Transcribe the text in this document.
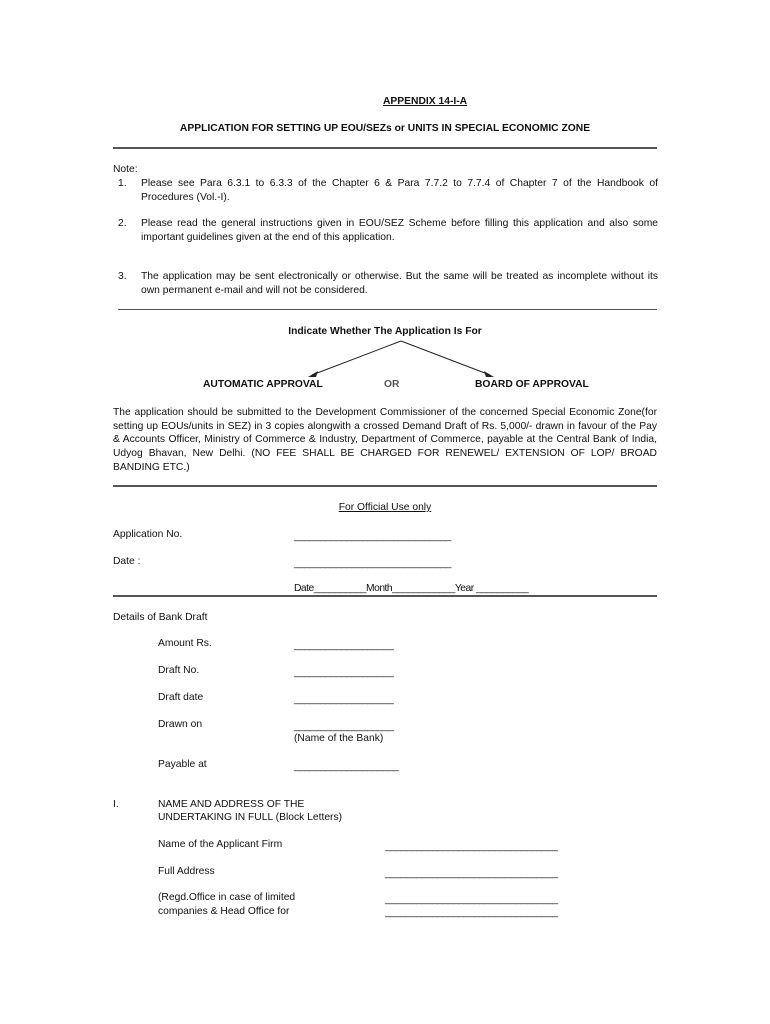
APPENDIX 14-I-A
APPLICATION FOR SETTING UP EOU/SEZs or UNITS IN SPECIAL ECONOMIC ZONE
Note:
1. Please see Para 6.3.1 to 6.3.3 of the Chapter 6 & Para 7.7.2 to 7.7.4 of Chapter 7 of the Handbook of Procedures (Vol.-I).
2. Please read the general instructions given in EOU/SEZ Scheme before filling this application and also some important guidelines given at the end of this application.
3. The application may be sent electronically or otherwise. But the same will be treated as incomplete without its own permanent e-mail and will not be considered.
Indicate Whether The Application Is For
AUTOMATIC APPROVAL	OR	BOARD OF APPROVAL
The application should be submitted to the Development Commissioner of the concerned Special Economic Zone(for setting up EOUs/units in SEZ) in 3 copies alongwith a crossed Demand Draft of Rs. 5,000/- drawn in favour of the Pay & Accounts Officer, Ministry of Commerce & Industry, Department of Commerce, payable at the Central Bank of India, Udyog Bhavan, New Delhi. (NO FEE SHALL BE CHARGED FOR RENEWEL/ EXTENSION OF LOP/ BROAD BANDING ETC.)
For Official Use only
Application No.	______________________________
Date :	______________________________
Date__________Month____________Year __________
Details of Bank Draft
Amount Rs.	___________________
Draft No.	___________________
Draft date	___________________
Drawn on	___________________
(Name of the Bank)
Payable at	____________________
I.	NAME AND ADDRESS OF THE
UNDERTAKING IN FULL (Block Letters)
Name of the Applicant Firm	_________________________________
Full Address	_________________________________
(Regd.Office in case of limited
companies & Head Office for
_________________________________
_________________________________
